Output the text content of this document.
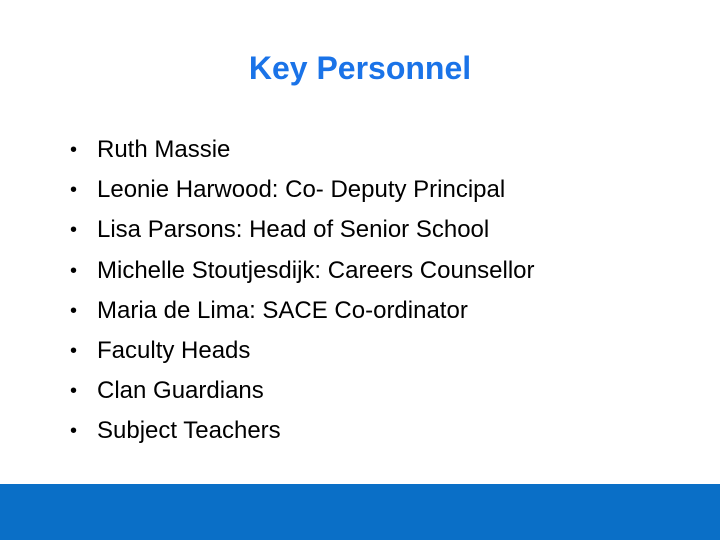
Key Personnel
• Ruth Massie
• Leonie Harwood: Co- Deputy Principal
• Lisa Parsons: Head of Senior School
• Michelle Stoutjesdijk: Careers Counsellor
• Maria de Lima: SACE Co-ordinator
• Faculty Heads
• Clan Guardians
• Subject Teachers
